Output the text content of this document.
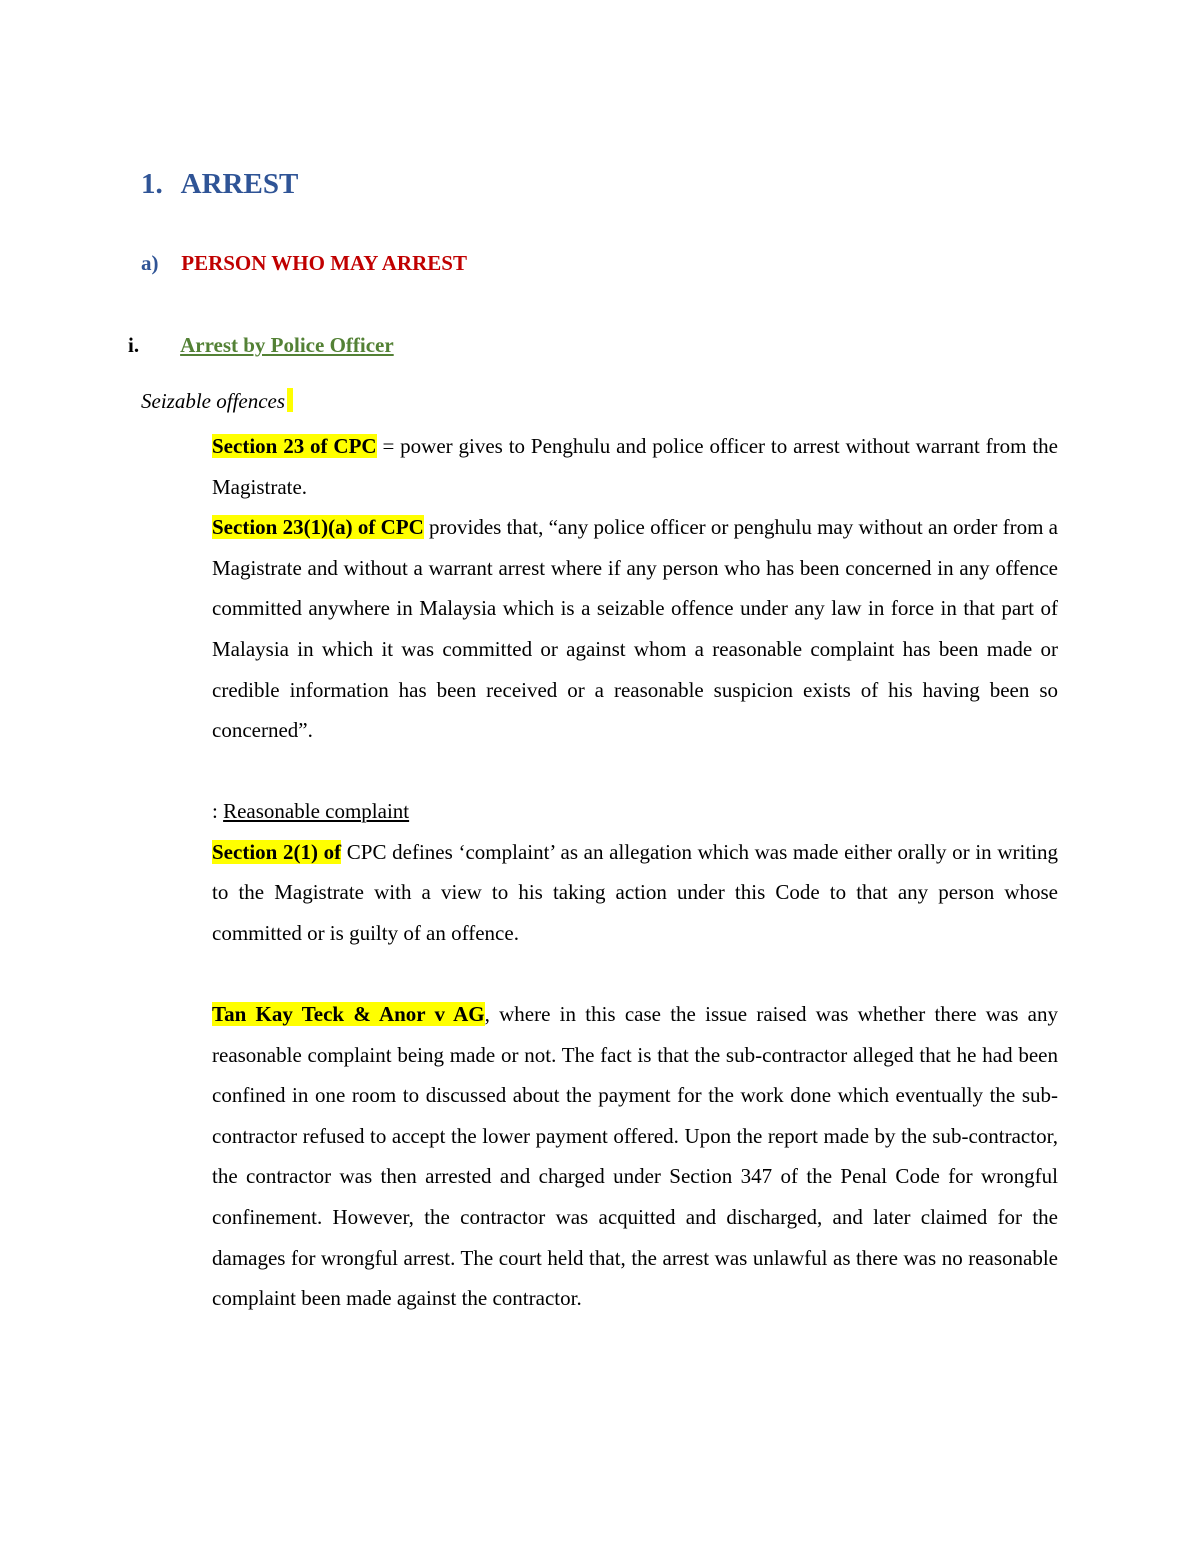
1. ARREST
a) PERSON WHO MAY ARREST
i. Arrest by Police Officer
Seizable offences

Section 23 of CPC = power gives to Penghulu and police officer to arrest without warrant from the Magistrate.

Section 23(1)(a) of CPC provides that, “any police officer or penghulu may without an order from a Magistrate and without a warrant arrest where if any person who has been concerned in any offence committed anywhere in Malaysia which is a seizable offence under any law in force in that part of Malaysia in which it was committed or against whom a reasonable complaint has been made or credible information has been received or a reasonable suspicion exists of his having been so concerned”.

: Reasonable complaint

Section 2(1) of CPC defines ‘complaint’ as an allegation which was made either orally or in writing to the Magistrate with a view to his taking action under this Code to that any person whose committed or is guilty of an offence.

Tan Kay Teck & Anor v AG, where in this case the issue raised was whether there was any reasonable complaint being made or not. The fact is that the sub-contractor alleged that he had been confined in one room to discussed about the payment for the work done which eventually the sub-contractor refused to accept the lower payment offered. Upon the report made by the sub-contractor, the contractor was then arrested and charged under Section 347 of the Penal Code for wrongful confinement. However, the contractor was acquitted and discharged, and later claimed for the damages for wrongful arrest. The court held that, the arrest was unlawful as there was no reasonable complaint been made against the contractor.
